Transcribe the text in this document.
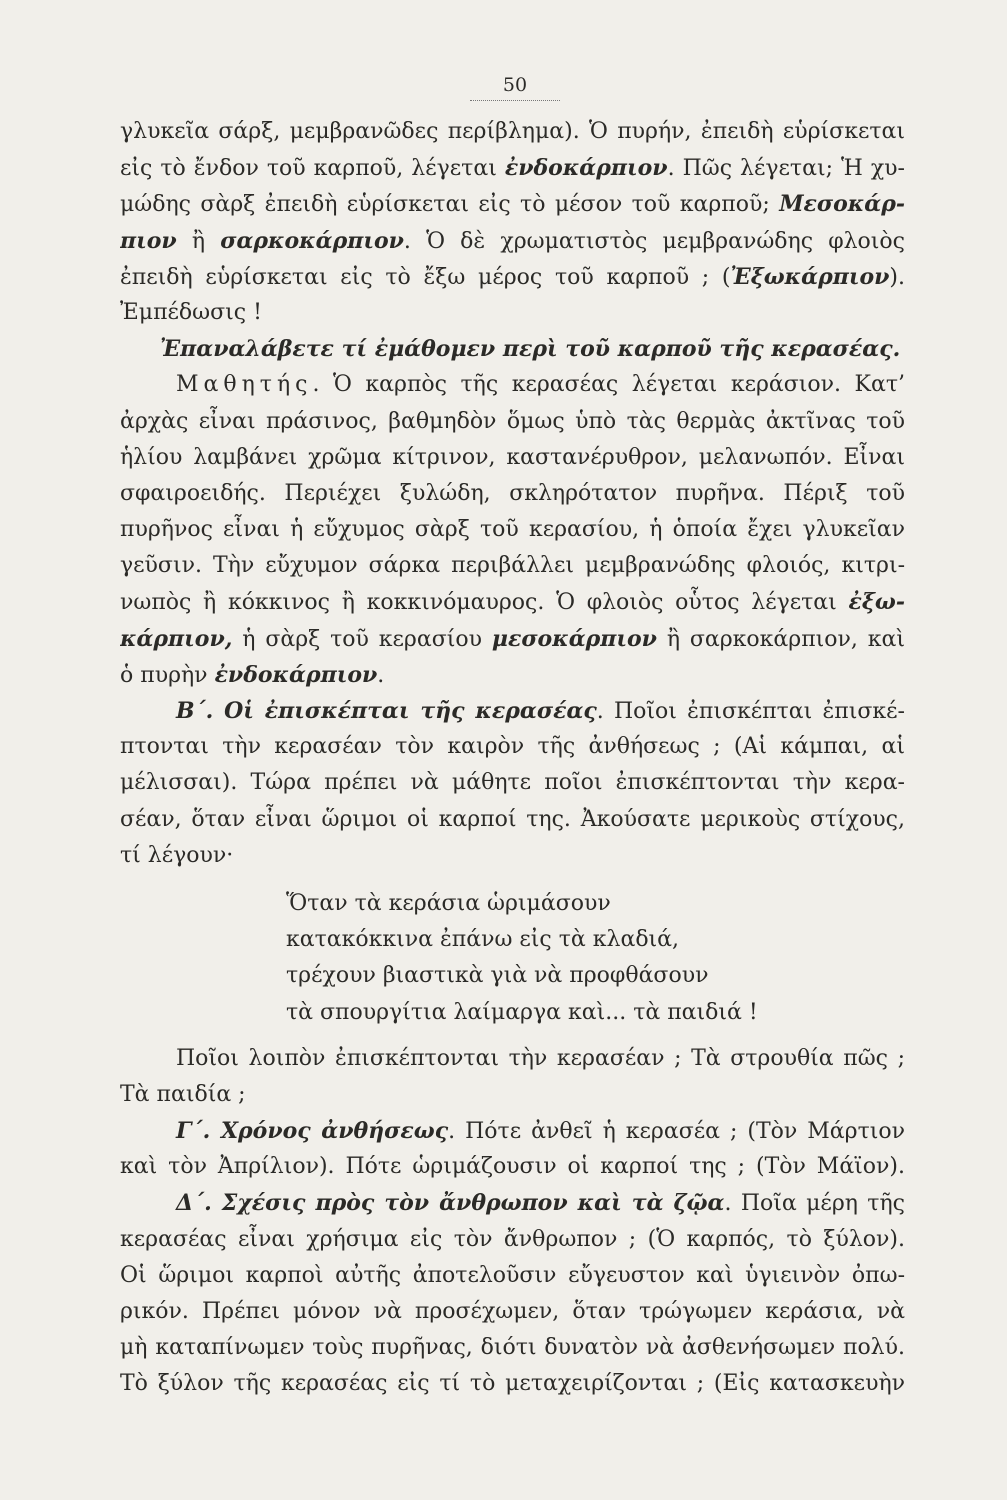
50
γλυκεῖα σάρξ, μεμβρανῶδες περίβλημα). Ὁ πυρήν, ἐπειδὴ εὑρίσκεται
εἰς τὸ ἔνδον τοῦ καρποῦ, λέγεται ἐνδοκάρπιον. Πῶς λέγεται; Ἡ χυ-
μώδης σὰρξ ἐπειδὴ εὑρίσκεται εἰς τὸ μέσον τοῦ καρποῦ; Μεσοκάρ-
πιον ἢ σαρκοκάρπιον. Ὁ δὲ χρωματιστὸς μεμβρανώδης φλοιὸς
ἐπειδὴ εὑρίσκεται εἰς τὸ ἔξω μέρος τοῦ καρποῦ ; (Ἐξωκάρπιον).
Ἐμπέδωσις !
Ἐπαναλάβετε τί ἐμάθομεν περὶ τοῦ καρποῦ τῆς κερασέας.
Μαθητής. Ὁ καρπὸς τῆς κερασέας λέγεται κεράσιον. Κατ’
ἀρχὰς εἶναι πράσινος, βαθμηδὸν ὅμως ὑπὸ τὰς θερμὰς ἀκτῖνας τοῦ
ἡλίου λαμβάνει χρῶμα κίτρινον, καστανέρυθρον, μελανωπόν. Εἶναι
σφαιροειδής. Περιέχει ξυλώδη, σκληρότατον πυρῆνα. Πέριξ τοῦ
πυρῆνος εἶναι ἡ εὔχυμος σὰρξ τοῦ κερασίου, ἡ ὁποία ἔχει γλυκεῖαν
γεῦσιν. Τὴν εὔχυμον σάρκα περιβάλλει μεμβρανώδης φλοιός, κιτρι-
νωπὸς ἢ κόκκινος ἢ κοκκινόμαυρος. Ὁ φλοιὸς οὗτος λέγεται ἐξω-
κάρπιον, ἡ σὰρξ τοῦ κερασίου μεσοκάρπιον ἢ σαρκοκάρπιον, καὶ
ὁ πυρὴν ἐνδοκάρπιον.
Β΄. Οἱ ἐπισκέπται τῆς κερασέας. Ποῖοι ἐπισκέπται ἐπισκέ-
πτονται τὴν κερασέαν τὸν καιρὸν τῆς ἀνθήσεως ; (Αἱ κάμπαι, αἱ
μέλισσαι). Τώρα πρέπει νὰ μάθητε ποῖοι ἐπισκέπτονται τὴν κερα-
σέαν, ὅταν εἶναι ὥριμοι οἱ καρποί της. Ἀκούσατε μερικοὺς στίχους,
τί λέγουν·
Ὅταν τὰ κεράσια ὡριμάσουν
κατακόκκινα ἐπάνω εἰς τὰ κλαδιά,
τρέχουν βιαστικὰ γιὰ νὰ προφθάσουν
τὰ σπουργίτια λαίμαργα καὶ... τὰ παιδιά !
Ποῖοι λοιπὸν ἐπισκέπτονται τὴν κερασέαν ; Τὰ στρουθία πῶς ;
Τὰ παιδία ;
Γ΄. Χρόνος ἀνθήσεως. Πότε ἀνθεῖ ἡ κερασέα ; (Τὸν Μάρτιον
καὶ τὸν Ἀπρίλιον). Πότε ὡριμάζουσιν οἱ καρποί της ; (Τὸν Μάϊον).
Δ΄. Σχέσις πρὸς τὸν ἄνθρωπον καὶ τὰ ζῷα. Ποῖα μέρη τῆς
κερασέας εἶναι χρήσιμα εἰς τὸν ἄνθρωπον ; (Ὁ καρπός, τὸ ξύλον).
Οἱ ὥριμοι καρποὶ αὐτῆς ἀποτελοῦσιν εὔγευστον καὶ ὑγιεινὸν ὀπω-
ρικόν. Πρέπει μόνον νὰ προσέχωμεν, ὅταν τρώγωμεν κεράσια, νὰ
μὴ καταπίνωμεν τοὺς πυρῆνας, διότι δυνατὸν νὰ ἀσθενήσωμεν πολύ.
Τὸ ξύλον τῆς κερασέας εἰς τί τὸ μεταχειρίζονται ; (Εἰς κατασκευὴν
